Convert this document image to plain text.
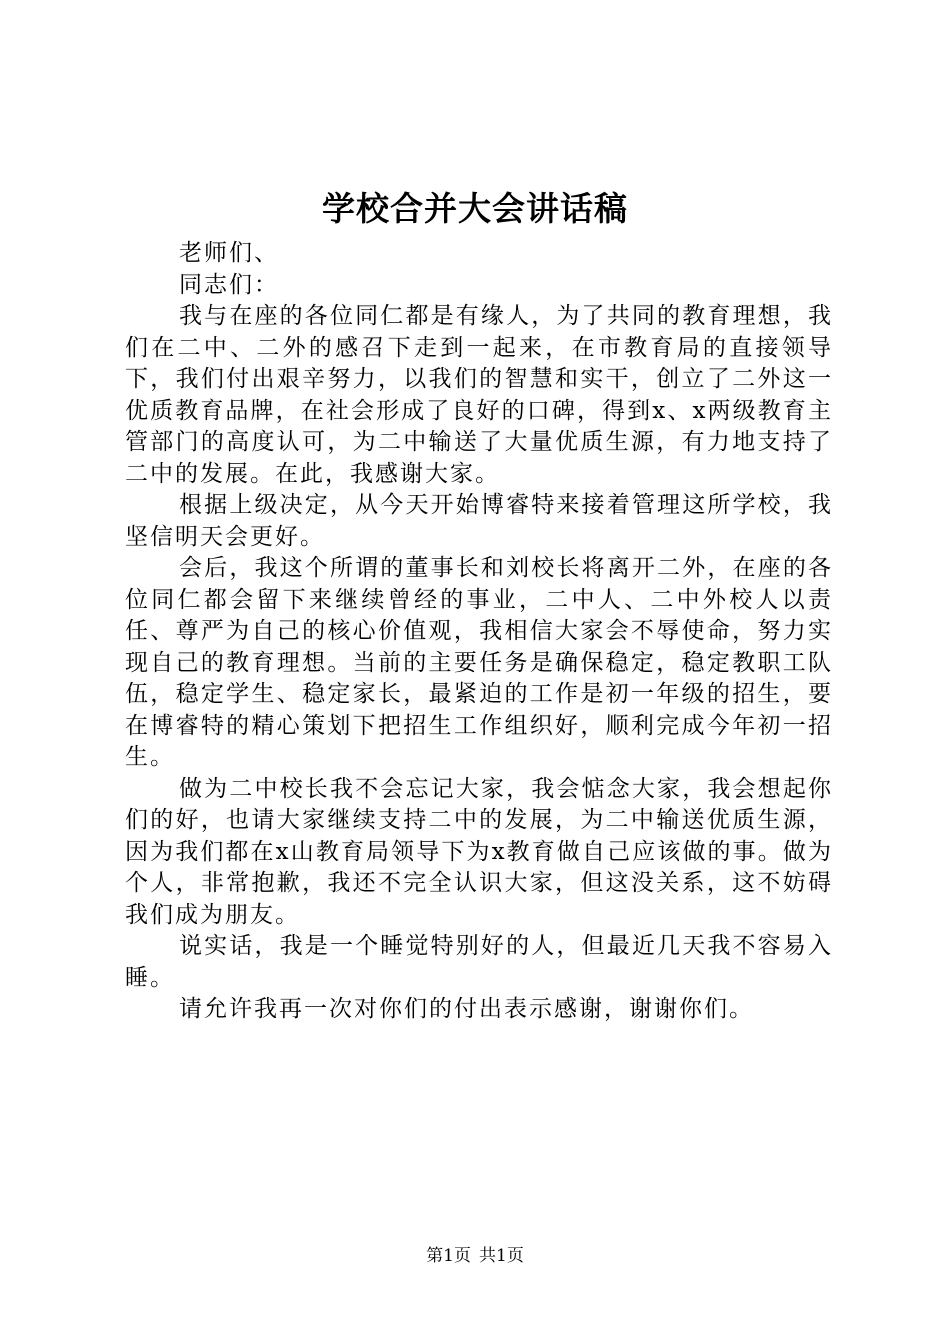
学校合并大会讲话稿

老师们、

同志们：

我与在座的各位同仁都是有缘人，为了共同的教育理想，我们在二中、二外的感召下走到一起来，在市教育局的直接领导下，我们付出艰辛努力，以我们的智慧和实干，创立了二外这一优质教育品牌，在社会形成了良好的口碑，得到x、x两级教育主管部门的高度认可，为二中输送了大量优质生源，有力地支持了二中的发展。在此，我感谢大家。

根据上级决定，从今天开始博睿特来接着管理这所学校，我坚信明天会更好。

会后，我这个所谓的董事长和刘校长将离开二外，在座的各位同仁都会留下来继续曾经的事业，二中人、二中外校人以责任、尊严为自己的核心价值观，我相信大家会不辱使命，努力实现自己的教育理想。当前的主要任务是确保稳定，稳定教职工队伍，稳定学生、稳定家长，最紧迫的工作是初一年级的招生，要在博睿特的精心策划下把招生工作组织好，顺利完成今年初一招生。

做为二中校长我不会忘记大家，我会惦念大家，我会想起你们的好，也请大家继续支持二中的发展，为二中输送优质生源，因为我们都在x山教育局领导下为x教育做自己应该做的事。做为个人，非常抱歉，我还不完全认识大家，但这没关系，这不妨碍我们成为朋友。

说实话，我是一个睡觉特别好的人，但最近几天我不容易入睡。

请允许我再一次对你们的付出表示感谢，谢谢你们。

第1页 共1页
